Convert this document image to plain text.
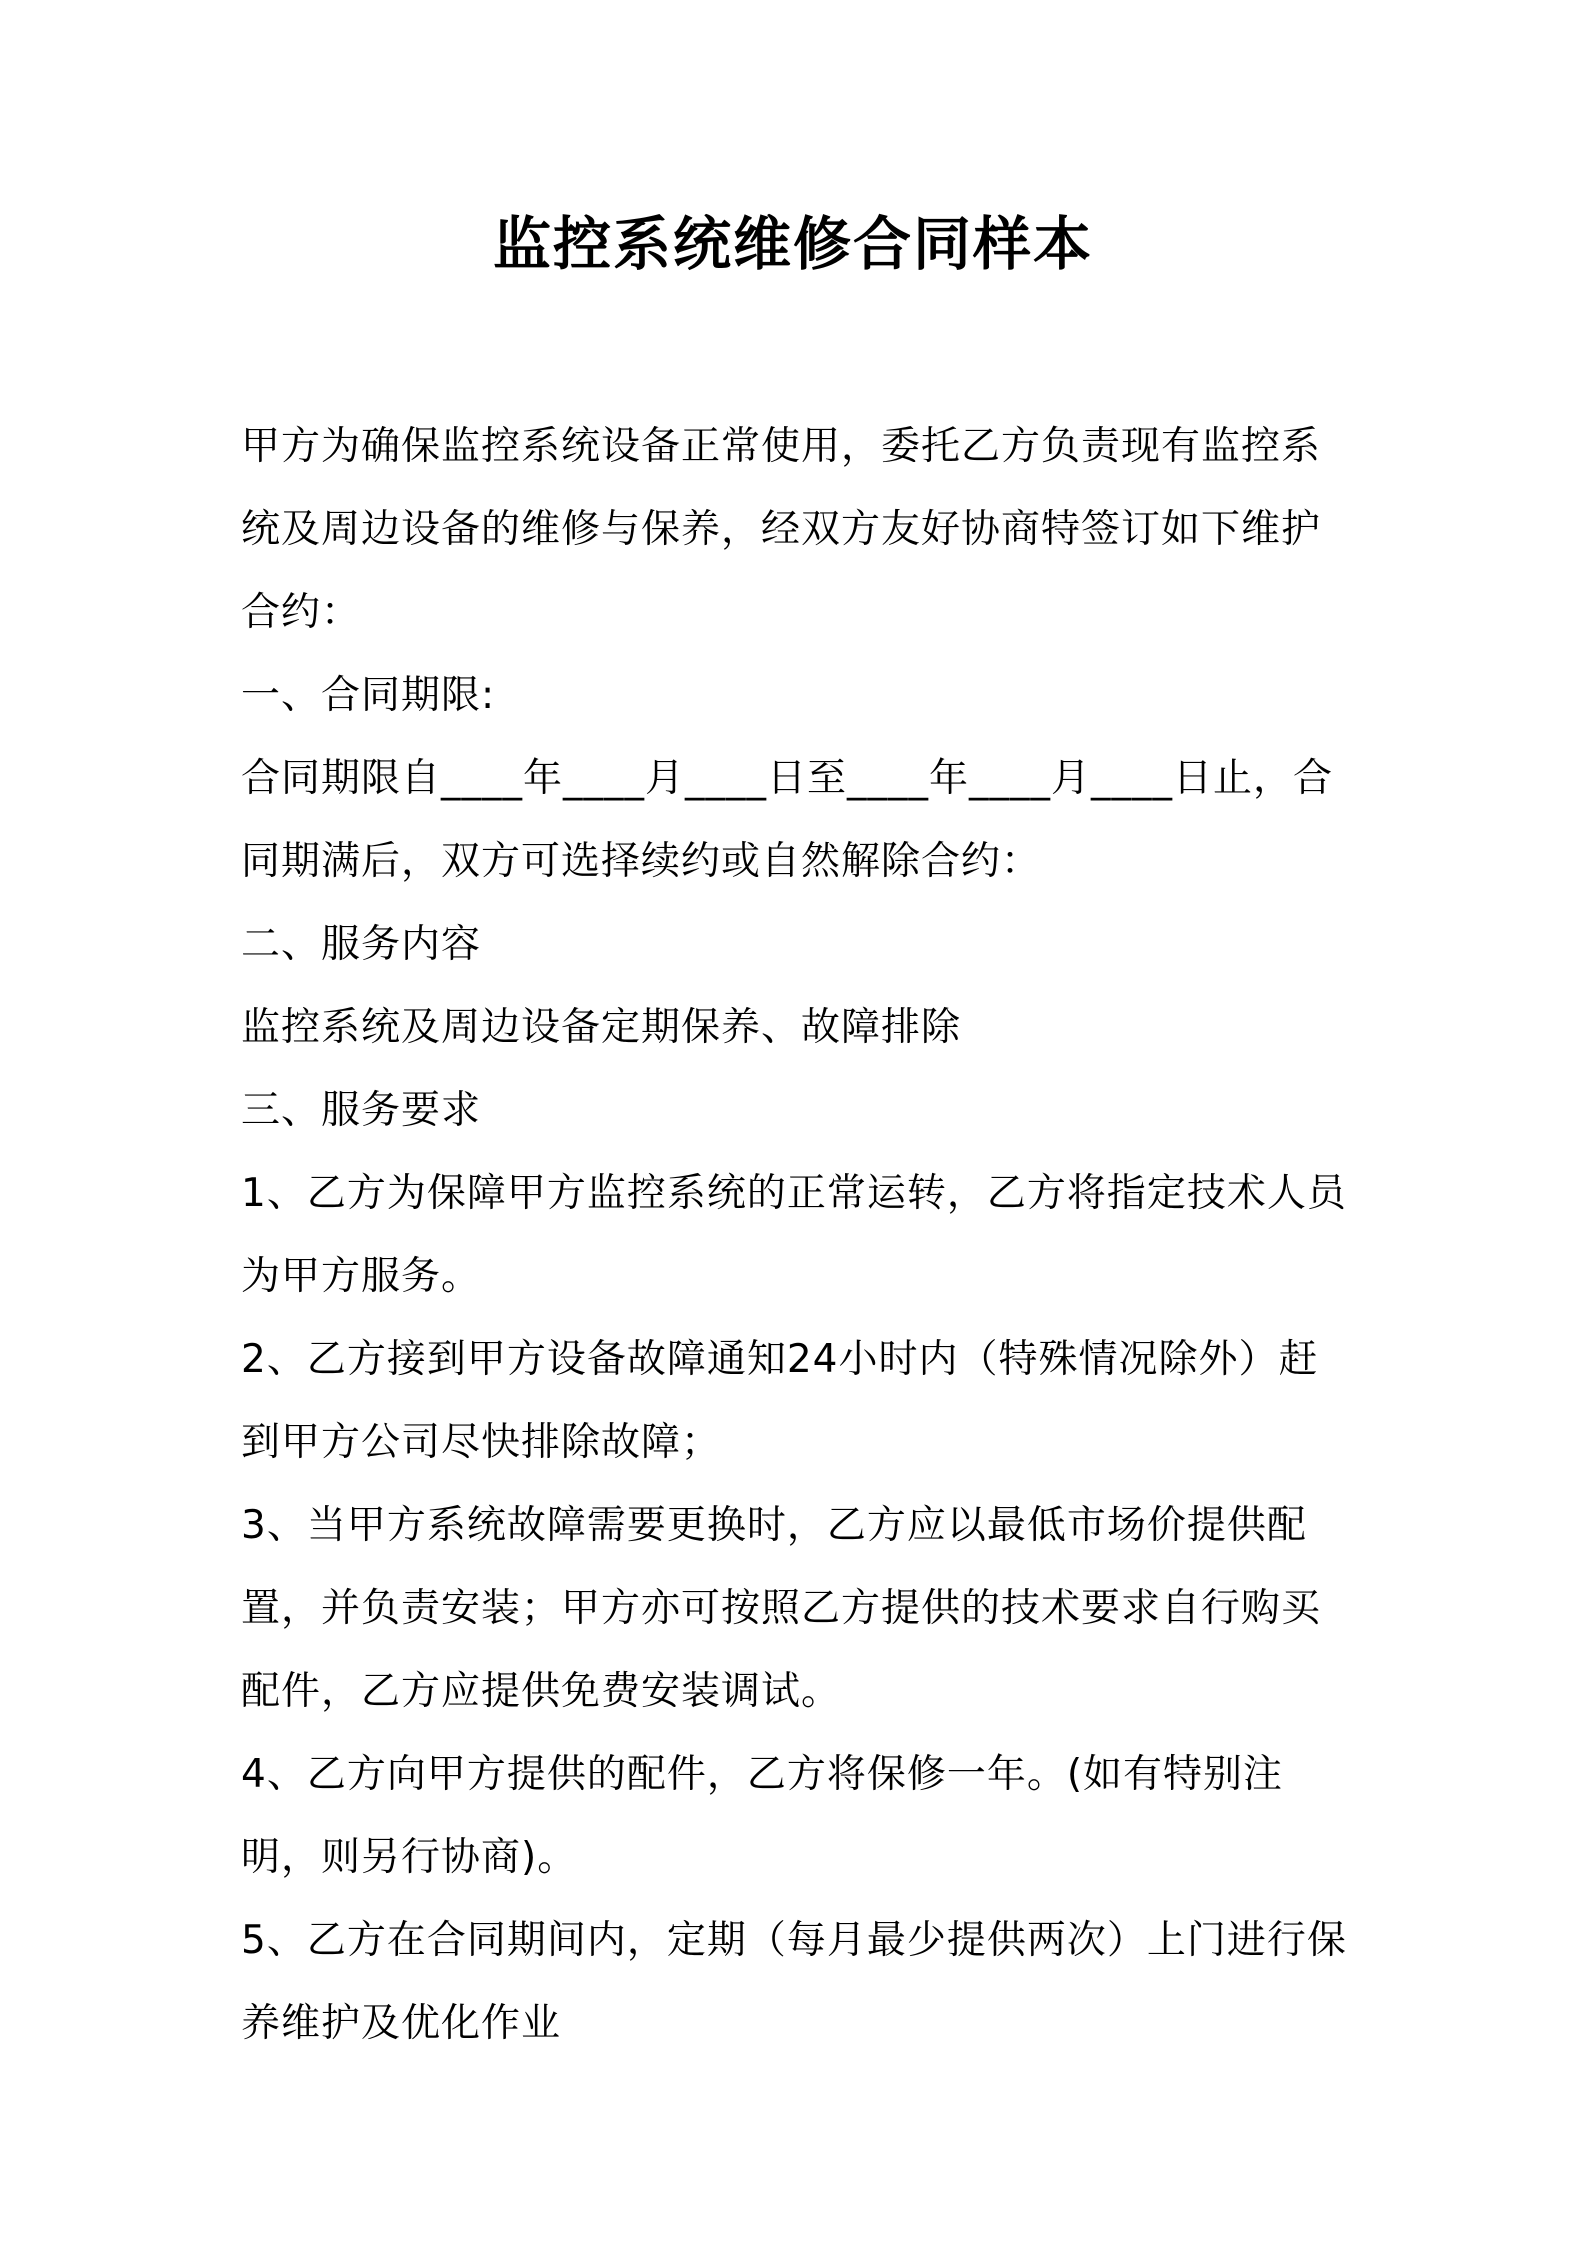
监控系统维修合同样本

甲方为确保监控系统设备正常使用，委托乙方负责现有监控系统及周边设备的维修与保养，经双方友好协商特签订如下维护合约：

一、合同期限:

合同期限自____年____月____日至____年____月____日止，合同期满后，双方可选择续约或自然解除合约：

二、服务内容

监控系统及周边设备定期保养、故障排除

三、服务要求

1、乙方为保障甲方监控系统的正常运转，乙方将指定技术人员为甲方服务。

2、乙方接到甲方设备故障通知24小时内（特殊情况除外）赶到甲方公司尽快排除故障；

3、当甲方系统故障需要更换时，乙方应以最低市场价提供配置，并负责安装；甲方亦可按照乙方提供的技术要求自行购买配件，乙方应提供免费安装调试。

4、乙方向甲方提供的配件，乙方将保修一年。(如有特别注明，则另行协商)。

5、乙方在合同期间内，定期（每月最少提供两次）上门进行保养维护及优化作业
